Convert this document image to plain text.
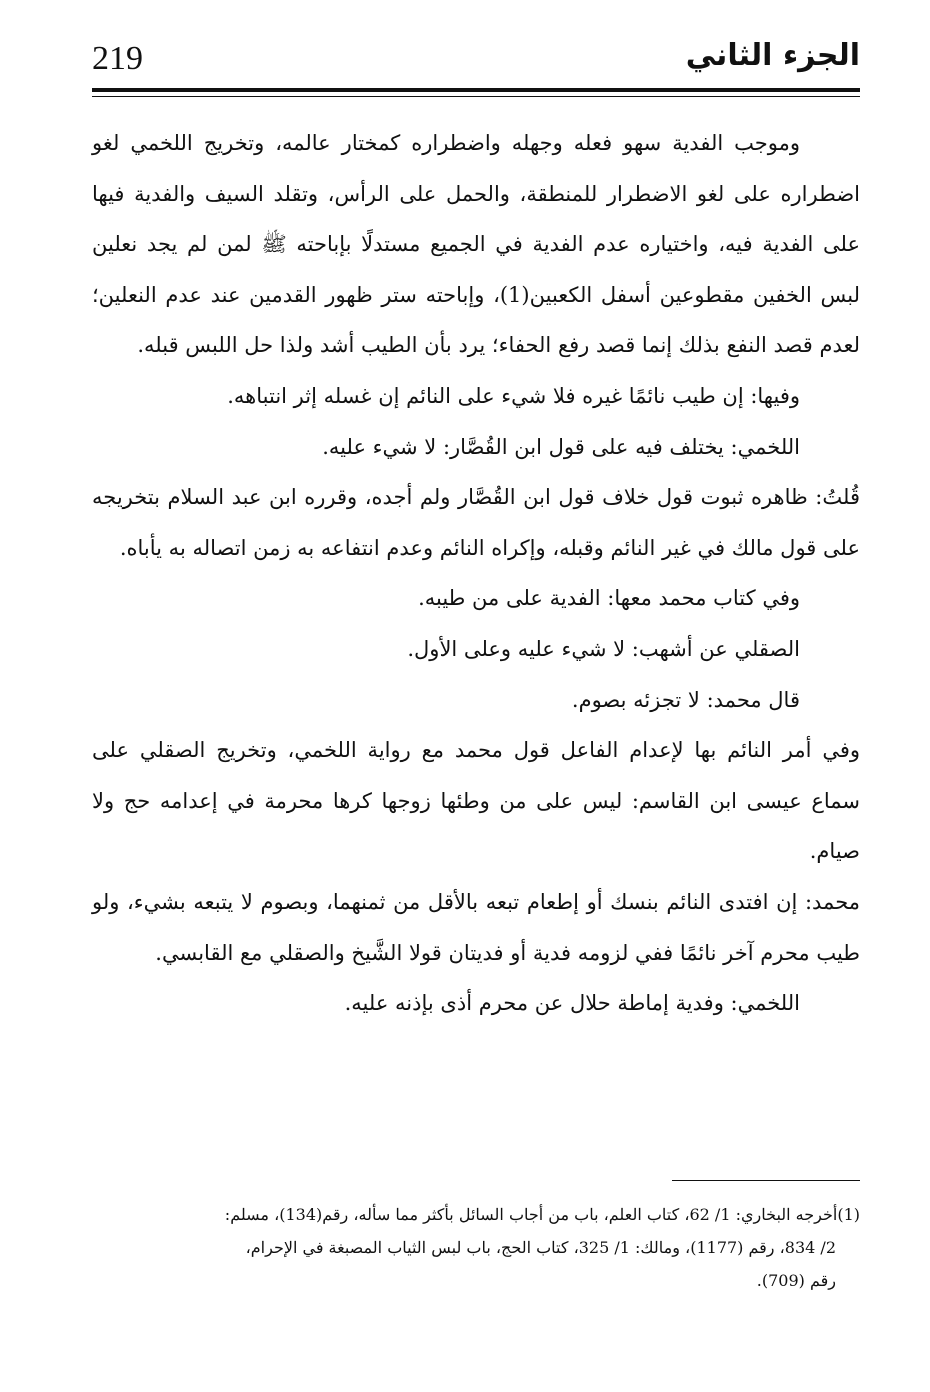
219	الجزء الثاني

وموجب الفدية سهو فعله وجهله واضطراره كمختار عالمه، وتخريج اللخمي لغو اضطراره على لغو الاضطرار للمنطقة، والحمل على الرأس، وتقلد السيف والفدية فيها على الفدية فيه، واختياره عدم الفدية في الجميع مستدلًا بإباحته ﷺ لمن لم يجد نعلين لبس الخفين مقطوعين أسفل الكعبين(1)، وإباحته ستر ظهور القدمين عند عدم النعلين؛ لعدم قصد النفع بذلك إنما قصد رفع الحفاء؛ يرد بأن الطيب أشد ولذا حل اللبس قبله.

وفيها: إن طيب نائمًا غيره فلا شيء على النائم إن غسله إثر انتباهه.

اللخمي: يختلف فيه على قول ابن القُصَّار: لا شيء عليه.

قُلتُ: ظاهره ثبوت قول خلاف قول ابن القُصَّار ولم أجده، وقرره ابن عبد السلام بتخريجه على قول مالك في غير النائم وقبله، وإكراه النائم وعدم انتفاعه به زمن اتصاله به يأباه.

وفي كتاب محمد معها: الفدية على من طيبه.

الصقلي عن أشهب: لا شيء عليه وعلى الأول.

قال محمد: لا تجزئه بصوم.

وفي أمر النائم بها لإعدام الفاعل قول محمد مع رواية اللخمي، وتخريج الصقلي على سماع عيسى ابن القاسم: ليس على من وطئها زوجها كرها محرمة في إعدامه حج ولا صيام.

محمد: إن افتدى النائم بنسك أو إطعام تبعه بالأقل من ثمنهما، وبصوم لا يتبعه بشيء، ولو طيب محرم آخر نائمًا ففي لزومه فدية أو فديتان قولا الشَّيخ والصقلي مع القابسي.

اللخمي: وفدية إماطة حلال عن محرم أذى بإذنه عليه.

(1)أخرجه البخاري: 1/ 62، كتاب العلم، باب من أجاب السائل بأكثر مما سأله، رقم(134)، مسلم:
2/ 834، رقم (1177)، ومالك: 1/ 325، كتاب الحج، باب لبس الثياب المصبغة في الإحرام،
رقم (709).
